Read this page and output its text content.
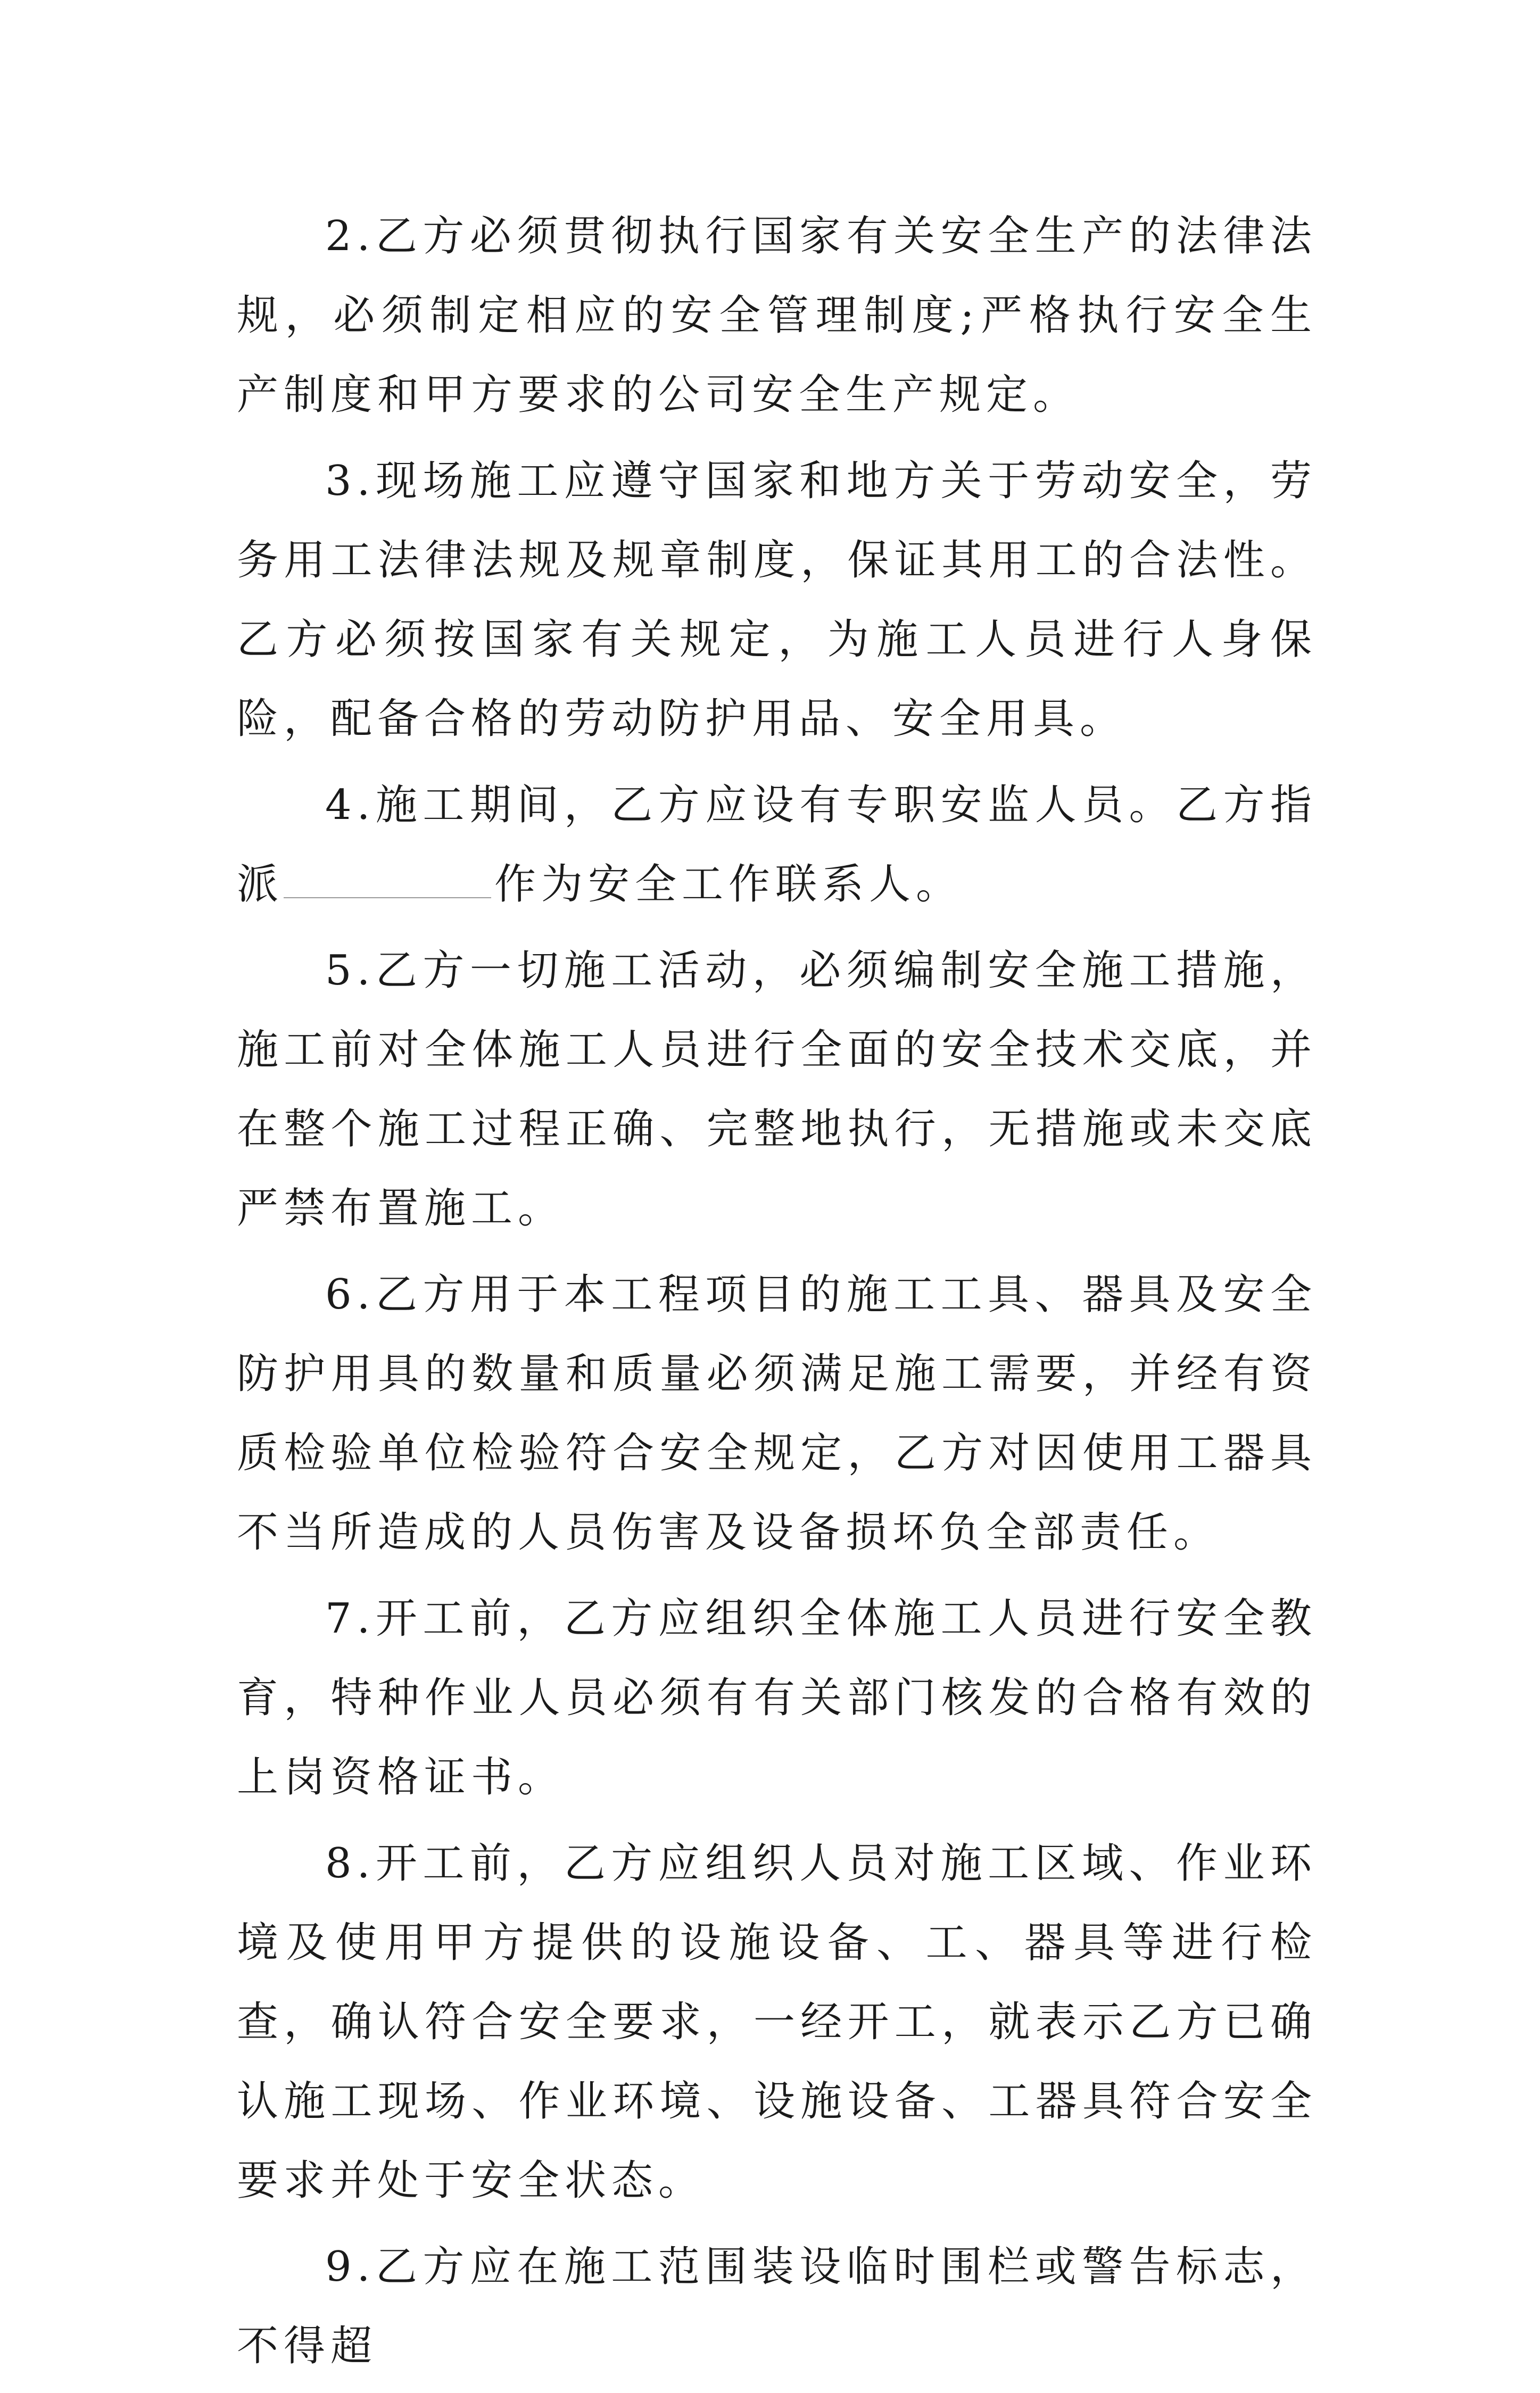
2.乙方必须贯彻执行国家有关安全生产的法律法规，必须制定相应的安全管理制度;严格执行安全生产制度和甲方要求的公司安全生产规定。

3.现场施工应遵守国家和地方关于劳动安全，劳务用工法律法规及规章制度，保证其用工的合法性。乙方必须按国家有关规定，为施工人员进行人身保险，配备合格的劳动防护用品、安全用具。

4.施工期间，乙方应设有专职安监人员。乙方指派	作为安全工作联系人。

5.乙方一切施工活动，必须编制安全施工措施，施工前对全体施工人员进行全面的安全技术交底，并在整个施工过程正确、完整地执行，无措施或未交底严禁布置施工。

6.乙方用于本工程项目的施工工具、器具及安全防护用具的数量和质量必须满足施工需要，并经有资质检验单位检验符合安全规定，乙方对因使用工器具不当所造成的人员伤害及设备损坏负全部责任。

7.开工前，乙方应组织全体施工人员进行安全教育，特种作业人员必须有有关部门核发的合格有效的上岗资格证书。

8.开工前，乙方应组织人员对施工区域、作业环境及使用甲方提供的设施设备、工、器具等进行检查，确认符合安全要求，一经开工，就表示乙方已确认施工现场、作业环境、设施设备、工器具符合安全要求并处于安全状态。

9.乙方应在施工范围装设临时围栏或警告标志，不得超
